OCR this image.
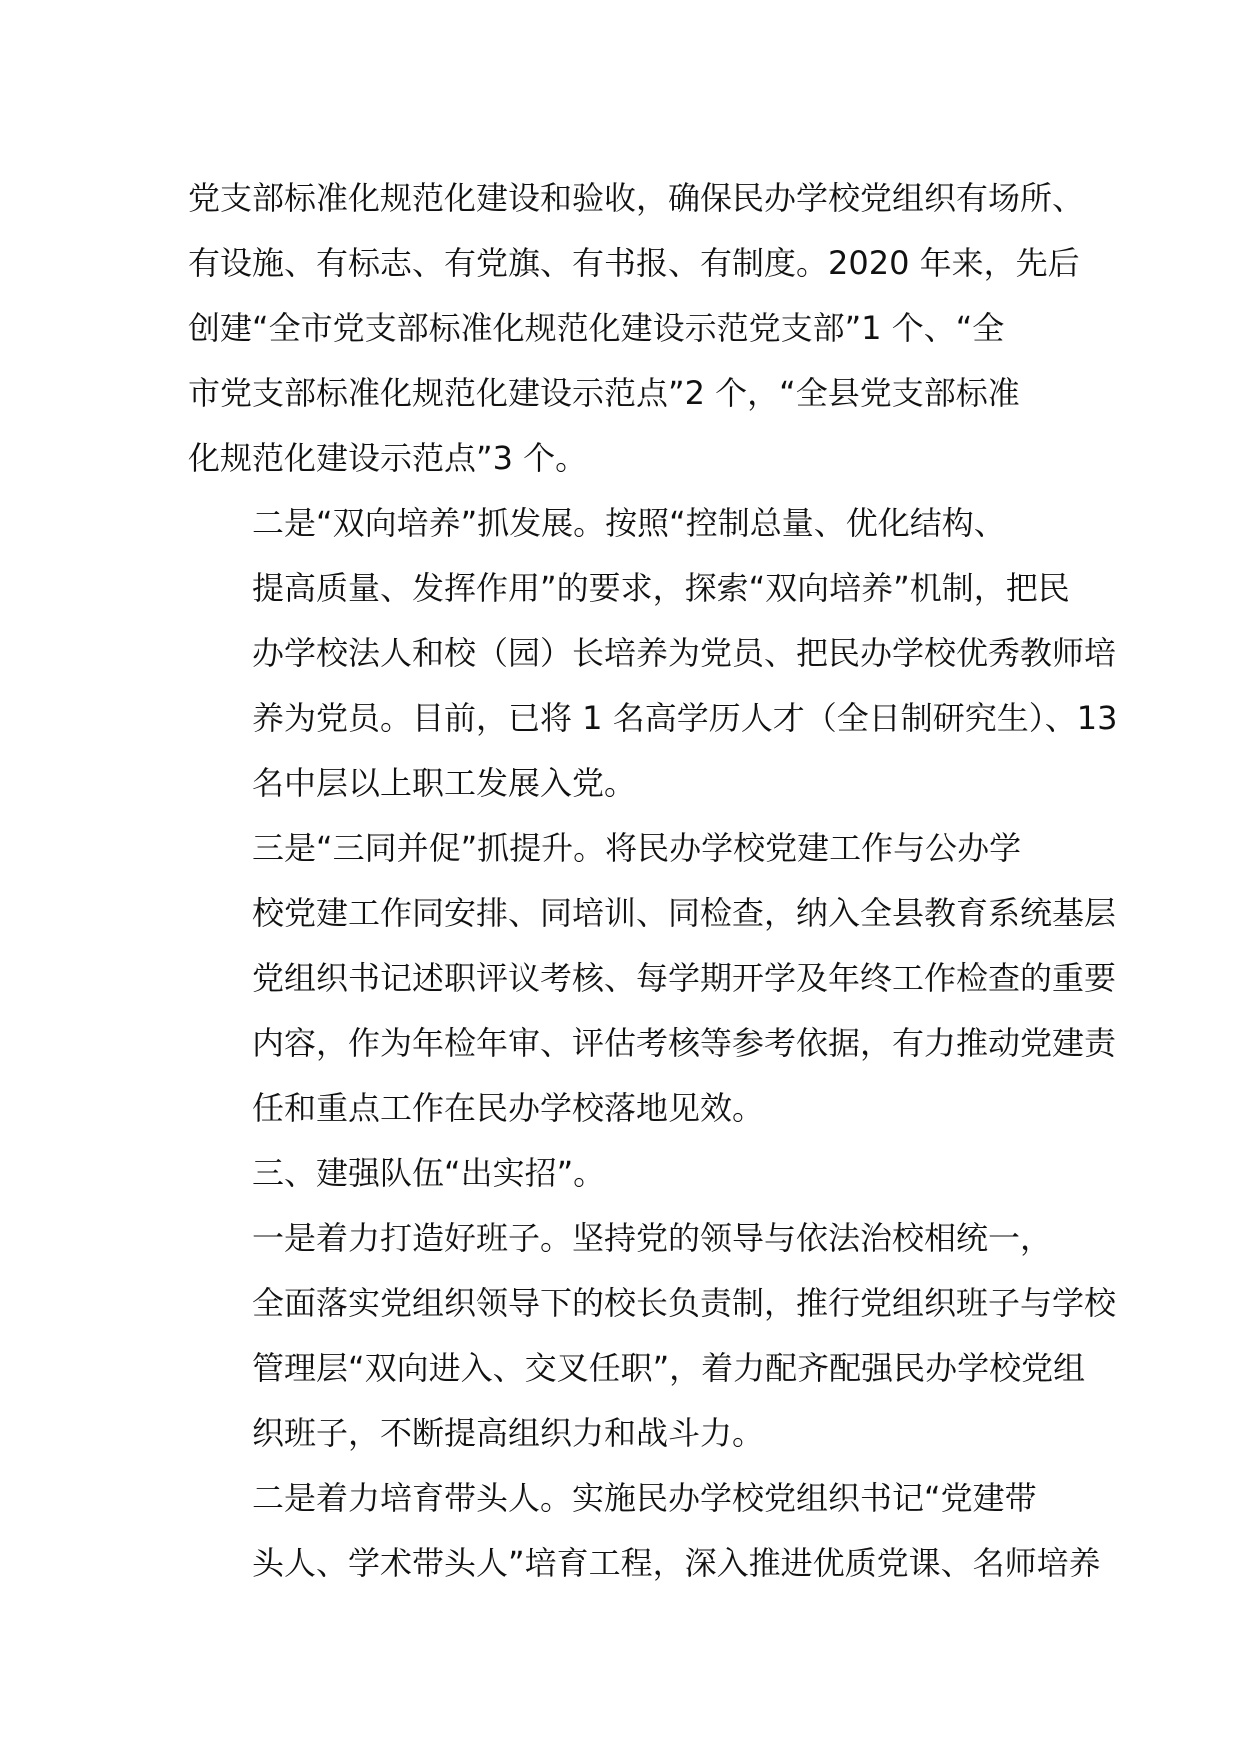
党支部标准化规范化建设和验收，确保民办学校党组织有场所、
有设施、有标志、有党旗、有书报、有制度。2020 年来，先后
创建“全市党支部标准化规范化建设示范党支部”1 个、“全
市党支部标准化规范化建设示范点”2 个，“全县党支部标准
化规范化建设示范点”3 个。

二是“双向培养”抓发展。按照“控制总量、优化结构、
提高质量、发挥作用”的要求，探索“双向培养”机制，把民
办学校法人和校（园）长培养为党员、把民办学校优秀教师培
养为党员。目前，已将 1 名高学历人才（全日制研究生）、13
名中层以上职工发展入党。

三是“三同并促”抓提升。将民办学校党建工作与公办学
校党建工作同安排、同培训、同检查，纳入全县教育系统基层
党组织书记述职评议考核、每学期开学及年终工作检查的重要
内容，作为年检年审、评估考核等参考依据，有力推动党建责
任和重点工作在民办学校落地见效。

三、建强队伍“出实招”。

一是着力打造好班子。坚持党的领导与依法治校相统一，
全面落实党组织领导下的校长负责制，推行党组织班子与学校
管理层“双向进入、交叉任职”，着力配齐配强民办学校党组
织班子，不断提高组织力和战斗力。

二是着力培育带头人。实施民办学校党组织书记“党建带
头人、学术带头人”培育工程，深入推进优质党课、名师培养
